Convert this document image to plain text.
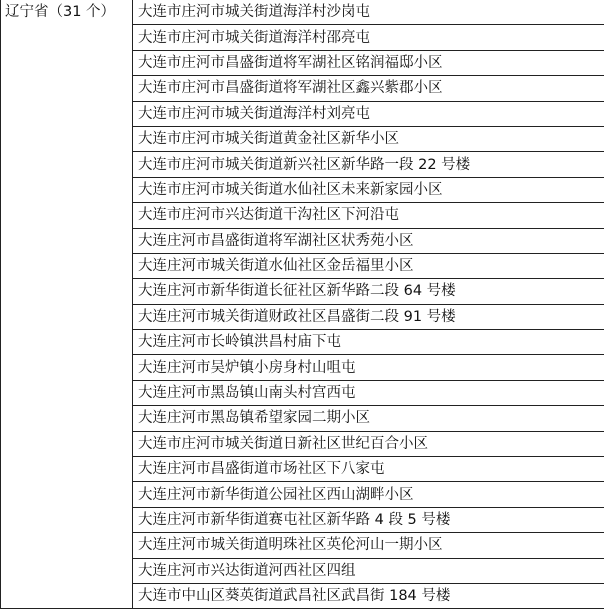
辽宁省（31 个）	大连市庄河市城关街道海洋村沙岗屯
大连市庄河市城关街道海洋村邵亮屯
大连市庄河市昌盛街道将军湖社区铭润福邸小区
大连市庄河市昌盛街道将军湖社区鑫兴紫郡小区
大连市庄河市城关街道海洋村刘亮屯
大连市庄河市城关街道黄金社区新华小区
大连市庄河市城关街道新兴社区新华路一段 22 号楼
大连市庄河市城关街道水仙社区未来新家园小区
大连市庄河市兴达街道干沟社区下河沿屯
大连庄河市昌盛街道将军湖社区状秀苑小区
大连庄河市城关街道水仙社区金岳福里小区
大连庄河市新华街道长征社区新华路二段 64 号楼
大连庄河市城关街道财政社区昌盛街二段 91 号楼
大连庄河市长岭镇洪昌村庙下屯
大连庄河市吴炉镇小房身村山咀屯
大连庄河市黑岛镇山南头村宫西屯
大连庄河市黑岛镇希望家园二期小区
大连市庄河市城关街道日新社区世纪百合小区
大连庄河市昌盛街道市场社区下八家屯
大连庄河市新华街道公园社区西山湖畔小区
大连庄河市新华街道赛屯社区新华路 4 段 5 号楼
大连庄河市城关街道明珠社区英伦河山一期小区
大连庄河市兴达街道河西社区四组
大连市中山区葵英街道武昌社区武昌街 184 号楼
